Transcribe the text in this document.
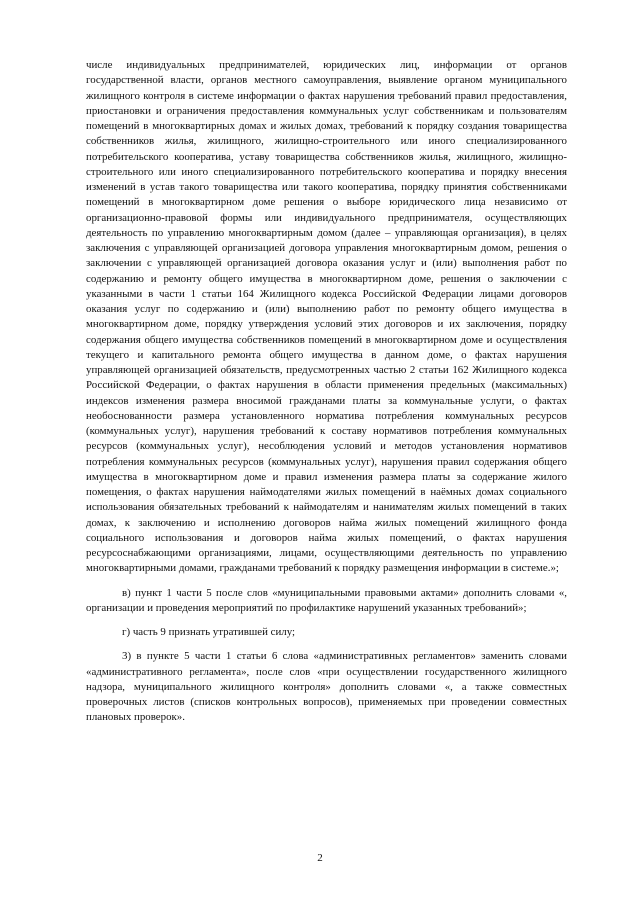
числе индивидуальных предпринимателей, юридических лиц, информации от органов государственной власти, органов местного самоуправления, выявление органом муниципального жилищного контроля в системе информации о фактах нарушения требований правил предоставления, приостановки и ограничения предоставления коммунальных услуг собственникам и пользователям помещений в многоквартирных домах и жилых домах, требований к порядку создания товарищества собственников жилья, жилищного, жилищно-строительного или иного специализированного потребительского кооператива, уставу товарищества собственников жилья, жилищного, жилищно-строительного или иного специализированного потребительского кооператива и порядку внесения изменений в устав такого товарищества или такого кооператива, порядку принятия собственниками помещений в многоквартирном доме решения о выборе юридического лица независимо от организационно-правовой формы или индивидуального предпринимателя, осуществляющих деятельность по управлению многоквартирным домом (далее – управляющая организация), в целях заключения с управляющей организацией договора управления многоквартирным домом, решения о заключении с управляющей организацией договора оказания услуг и (или) выполнения работ по содержанию и ремонту общего имущества в многоквартирном доме, решения о заключении с указанными в части 1 статьи 164 Жилищного кодекса Российской Федерации лицами договоров оказания услуг по содержанию и (или) выполнению работ по ремонту общего имущества в многоквартирном доме, порядку утверждения условий этих договоров и их заключения, порядку содержания общего имущества собственников помещений в многоквартирном доме и осуществления текущего и капитального ремонта общего имущества в данном доме, о фактах нарушения управляющей организацией обязательств, предусмотренных частью 2 статьи 162 Жилищного кодекса Российской Федерации, о фактах нарушения в области применения предельных (максимальных) индексов изменения размера вносимой гражданами платы за коммунальные услуги, о фактах необоснованности размера установленного норматива потребления коммунальных ресурсов (коммунальных услуг), нарушения требований к составу нормативов потребления коммунальных ресурсов (коммунальных услуг), несоблюдения условий и методов установления нормативов потребления коммунальных ресурсов (коммунальных услуг), нарушения правил содержания общего имущества в многоквартирном доме и правил изменения размера платы за содержание жилого помещения, о фактах нарушения наймодателями жилых помещений в наёмных домах социального использования обязательных требований к наймодателям и нанимателям жилых помещений в таких домах, к заключению и исполнению договоров найма жилых помещений жилищного фонда социального использования и договоров найма жилых помещений, о фактах нарушения ресурсоснабжающими организациями, лицами, осуществляющими деятельность по управлению многоквартирными домами, гражданами требований к порядку размещения информации в системе.»;

в) пункт 1 части 5 после слов «муниципальными правовыми актами» дополнить словами «, организации и проведения мероприятий по профилактике нарушений указанных требований»;

г) часть 9 признать утратившей силу;

3) в пункте 5 части 1 статьи 6 слова «административных регламентов» заменить словами «административного регламента», после слов «при осуществлении государственного жилищного надзора, муниципального жилищного контроля» дополнить словами «, а также совместных проверочных листов (списков контрольных вопросов), применяемых при проведении совместных плановых проверок».

2
